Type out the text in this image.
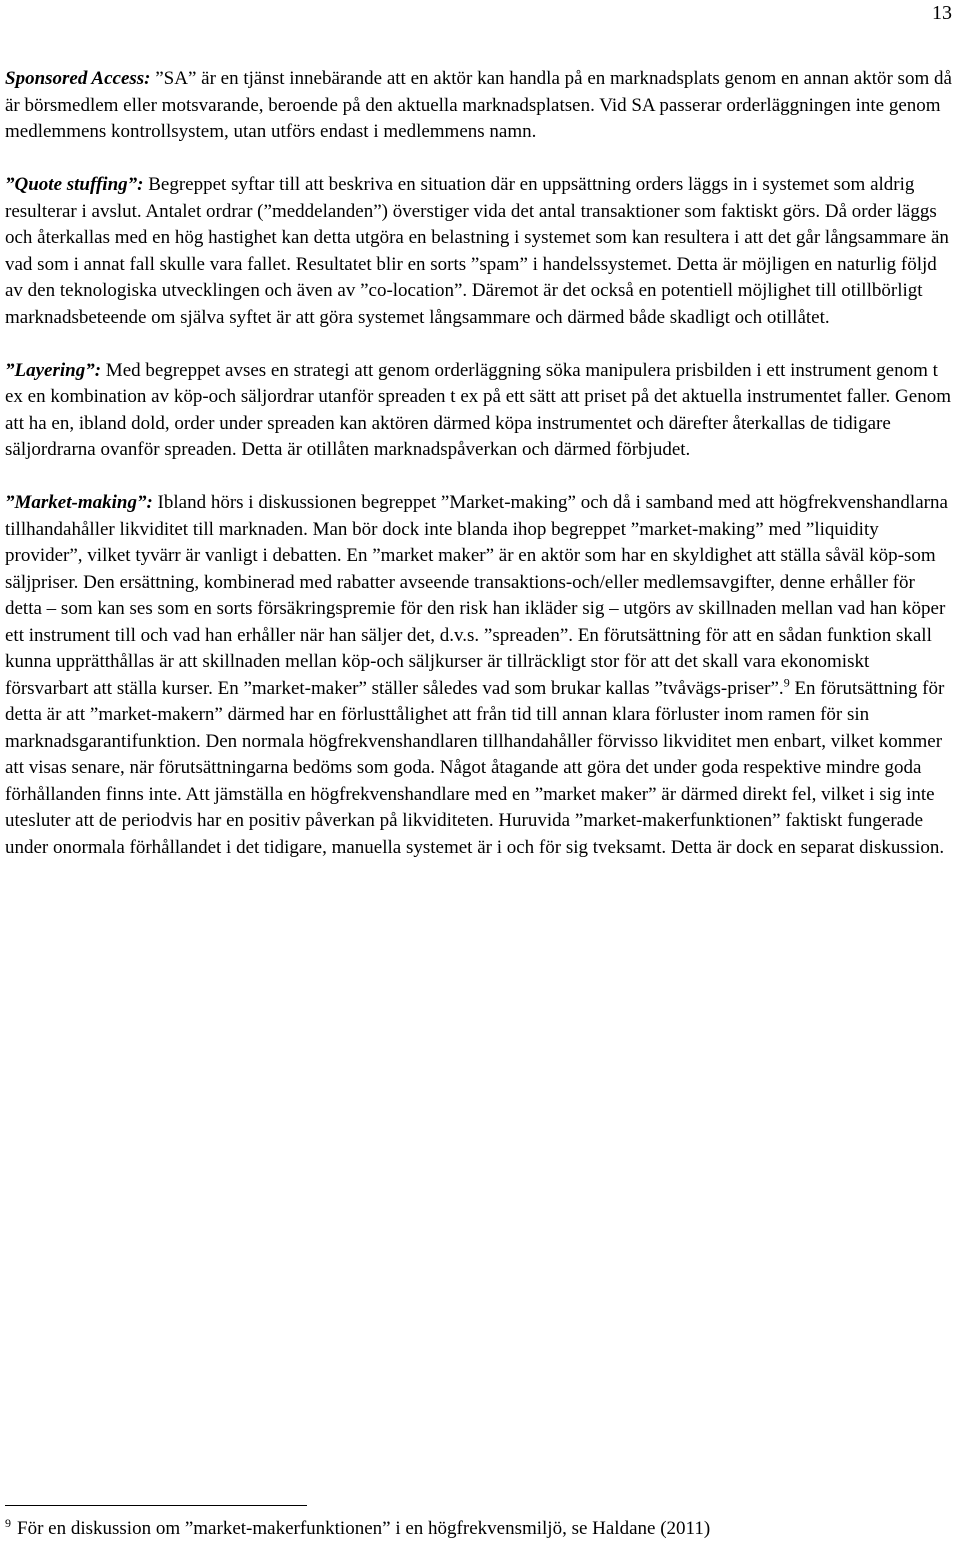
13

Sponsored Access: ”SA” är en tjänst innebärande att en aktör kan handla på en marknadsplats genom en annan aktör som då är börsmedlem eller motsvarande, beroende på den aktuella marknadsplatsen. Vid SA passerar orderläggningen inte genom medlemmens kontrollsystem, utan utförs endast i medlemmens namn.

”Quote stuffing”: Begreppet syftar till att beskriva en situation där en uppsättning orders läggs in i systemet som aldrig resulterar i avslut. Antalet ordrar (”meddelanden”) överstiger vida det antal transaktioner som faktiskt görs. Då order läggs och återkallas med en hög hastighet kan detta utgöra en belastning i systemet som kan resultera i att det går långsammare än vad som i annat fall skulle vara fallet. Resultatet blir en sorts ”spam” i handelssystemet. Detta är möjligen en naturlig följd av den teknologiska utvecklingen och även av ”co-location”. Däremot är det också en potentiell möjlighet till otillbörligt marknadsbeteende om själva syftet är att göra systemet långsammare och därmed både skadligt och otillåtet.

”Layering”: Med begreppet avses en strategi att genom orderläggning söka manipulera prisbilden i ett instrument genom t ex en kombination av köp-och säljordrar utanför spreaden t ex på ett sätt att priset på det aktuella instrumentet faller. Genom att ha en, ibland dold, order under spreaden kan aktören därmed köpa instrumentet och därefter återkallas de tidigare säljordrarna ovanför spreaden. Detta är otillåten marknadspåverkan och därmed förbjudet.

”Market-making”: Ibland hörs i diskussionen begreppet ”Market-making” och då i samband med att högfrekvenshandlarna tillhandahåller likviditet till marknaden. Man bör dock inte blanda ihop begreppet ”market-making” med ”liquidity provider”, vilket tyvärr är vanligt i debatten. En ”market maker” är en aktör som har en skyldighet att ställa såväl köp-som säljpriser. Den ersättning, kombinerad med rabatter avseende transaktions-och/eller medlemsavgifter, denne erhåller för detta – som kan ses som en sorts försäkringspremie för den risk han ikläder sig – utgörs av skillnaden mellan vad han köper ett instrument till och vad han erhåller när han säljer det, d.v.s. ”spreaden”. En förutsättning för att en sådan funktion skall kunna upprätthållas är att skillnaden mellan köp-och säljkurser är tillräckligt stor för att det skall vara ekonomiskt försvarbart att ställa kurser. En ”market-maker” ställer således vad som brukar kallas ”tvåvägs-priser”.$^9$ En förutsättning för detta är att ”market-makern” därmed har en förlusttålighet att från tid till annan klara förluster inom ramen för sin marknadsgarantifunktion. Den normala högfrekvenshandlaren tillhandahåller förvisso likviditet men enbart, vilket kommer att visas senare, när förutsättningarna bedöms som goda. Något åtagande att göra det under goda respektive mindre goda förhållanden finns inte. Att jämställa en högfrekvenshandlare med en ”market maker” är därmed direkt fel, vilket i sig inte utesluter att de periodvis har en positiv påverkan på likviditeten. Huruvida ”market-makerfunktionen” faktiskt fungerade under onormala förhållandet i det tidigare, manuella systemet är i och för sig tveksamt. Detta är dock en separat diskussion.

$^9$ För en diskussion om ”market-makerfunktionen” i en högfrekvensmiljö, se Haldane (2011)
